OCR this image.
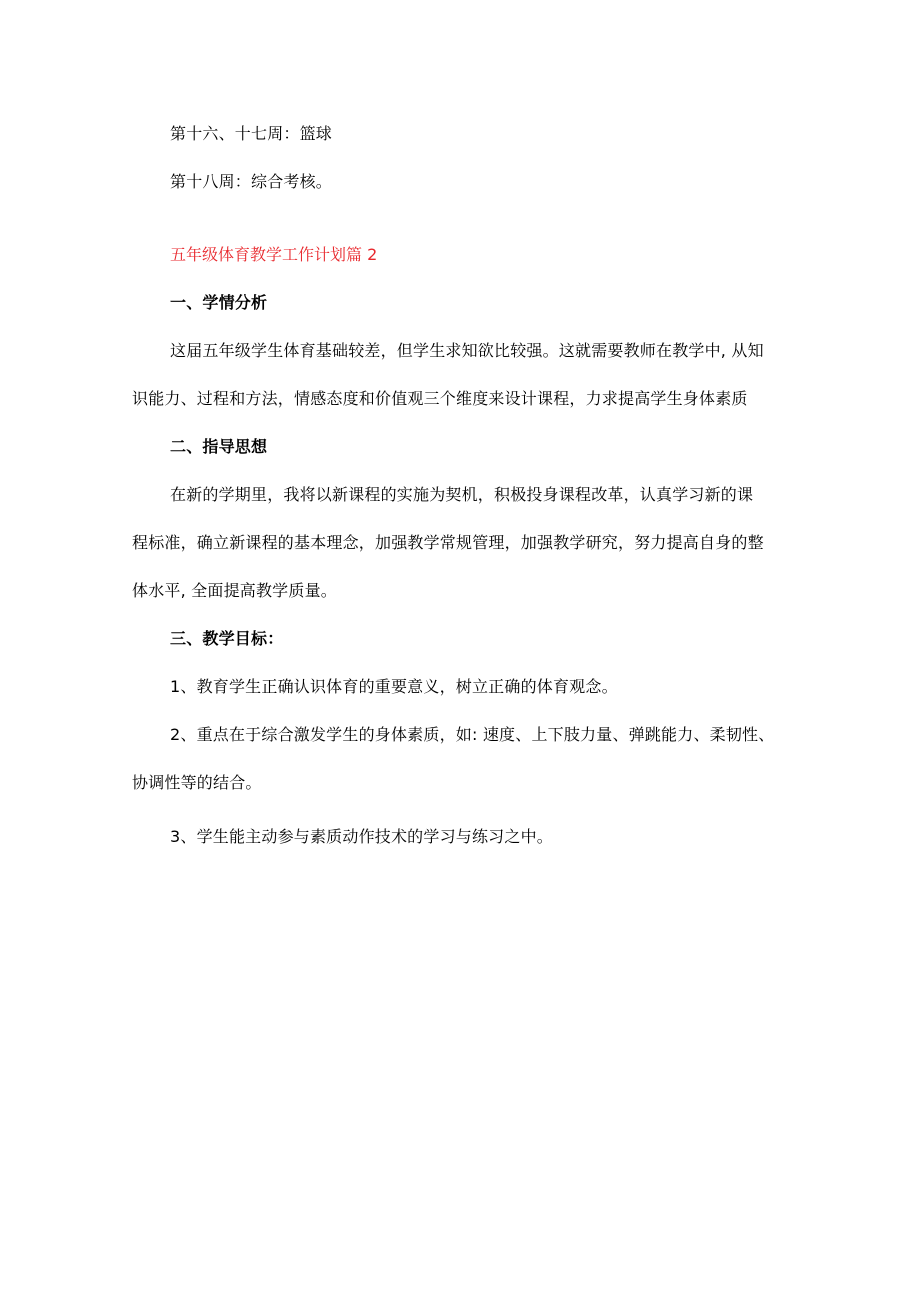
第十六、十七周：篮球
第十八周：综合考核。
五年级体育教学工作计划篇 2
一、学情分析
这届五年级学生体育基础较差，但学生求知欲比较强。这就需要教师在教学中, 从知
识能力、过程和方法，情感态度和价值观三个维度来设计课程，力求提高学生身体素质
二、指导思想
在新的学期里，我将以新课程的实施为契机，积极投身课程改革，认真学习新的课
程标准，确立新课程的基本理念，加强教学常规管理，加强教学研究，努力提高自身的整
体水平, 全面提高教学质量。
三、教学目标：
1、教育学生正确认识体育的重要意义，树立正确的体育观念。
2、重点在于综合激发学生的身体素质，如: 速度、上下肢力量、弹跳能力、柔韧性、
协调性等的结合。
3、学生能主动参与素质动作技术的学习与练习之中。
